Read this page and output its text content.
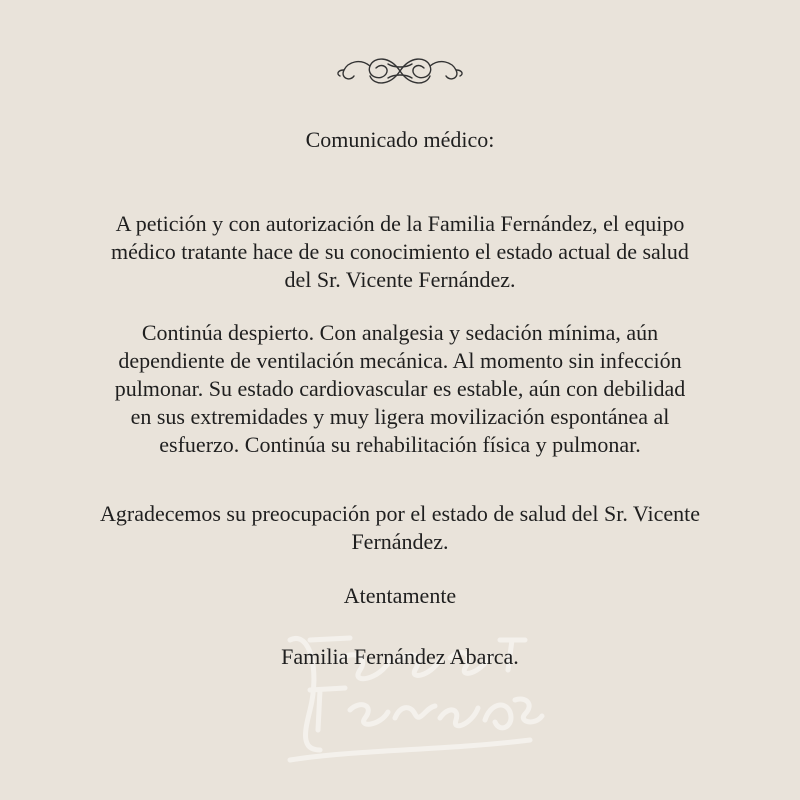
Comunicado médico:

A petición y con autorización de la Familia Fernández, el equipo
médico tratante hace de su conocimiento el estado actual de salud
del Sr. Vicente Fernández.

Continúa despierto. Con analgesia y sedación mínima, aún
dependiente de ventilación mecánica. Al momento sin infección
pulmonar. Su estado cardiovascular es estable, aún con debilidad
en sus extremidades y muy ligera movilización espontánea al
esfuerzo. Continúa su rehabilitación física y pulmonar.

Agradecemos su preocupación por el estado de salud del Sr. Vicente
Fernández.

Atentamente

Familia Fernández Abarca.
